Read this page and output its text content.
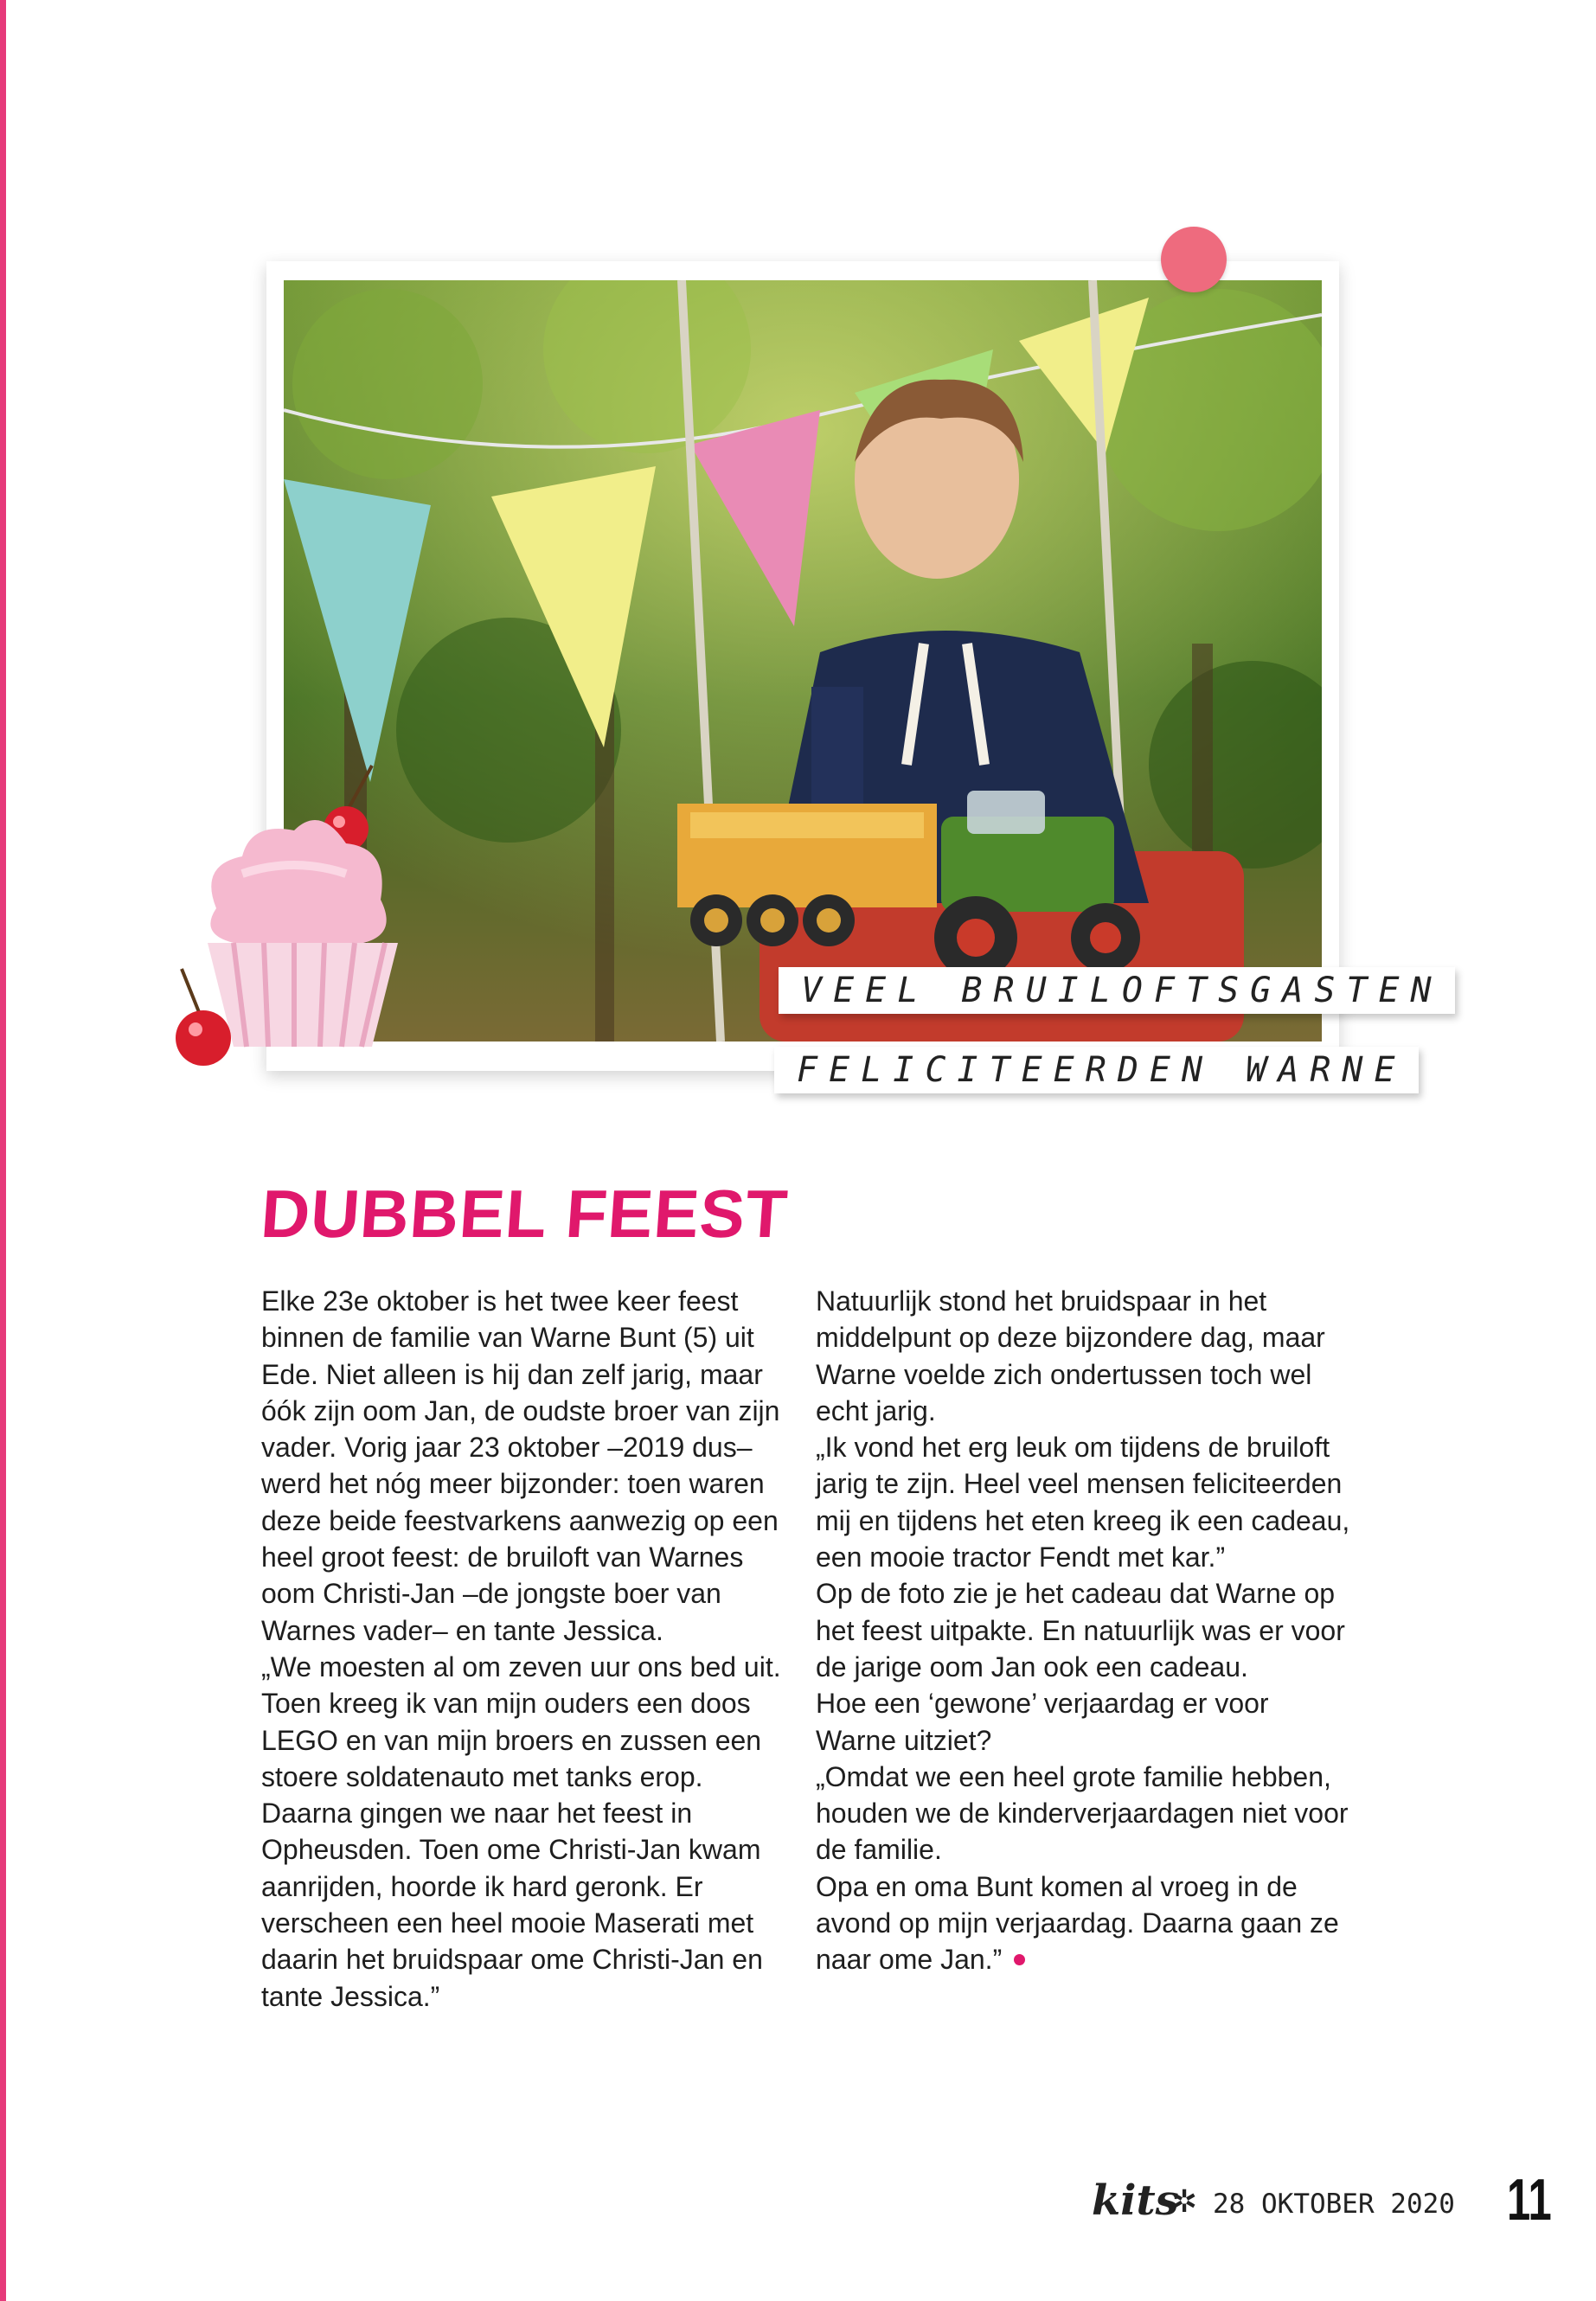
VEEL BRUILOFTSGASTEN
FELICITEERDEN WARNE
DUBBEL FEEST

Elke 23e oktober is het twee keer feest binnen de familie van Warne Bunt (5) uit Ede. Niet alleen is hij dan zelf jarig, maar óók zijn oom Jan, de oudste broer van zijn vader. Vorig jaar 23 oktober –2019 dus– werd het nóg meer bijzonder: toen waren deze beide feestvarkens aanwezig op een heel groot feest: de bruiloft van Warnes oom Christi-Jan –de jongste boer van Warnes vader– en tante Jessica.

„We moesten al om zeven uur ons bed uit. Toen kreeg ik van mijn ouders een doos LEGO en van mijn broers en zussen een stoere soldatenauto met tanks erop. Daarna gingen we naar het feest in Opheusden. Toen ome Christi-Jan kwam aanrijden, hoorde ik hard geronk. Er verscheen een heel mooie Maserati met daarin het bruidspaar ome Christi-Jan en tante Jessica.”

Natuurlijk stond het bruidspaar in het middelpunt op deze bijzondere dag, maar Warne voelde zich ondertussen toch wel echt jarig.

„Ik vond het erg leuk om tijdens de bruiloft jarig te zijn. Heel veel mensen feliciteerden mij en tijdens het eten kreeg ik een cadeau, een mooie tractor Fendt met kar.”

Op de foto zie je het cadeau dat Warne op het feest uitpakte. En natuurlijk was er voor de jarige oom Jan ook een cadeau.

Hoe een ‘gewone’ verjaardag er voor Warne uitziet?

„Omdat we een heel grote familie hebben, houden we de kinderverjaardagen niet voor de familie.

Opa en oma Bunt komen al vroeg in de avond op mijn verjaardag. Daarna gaan ze naar ome Jan.”

kits
✲ 28 OKTOBER 2020 11
